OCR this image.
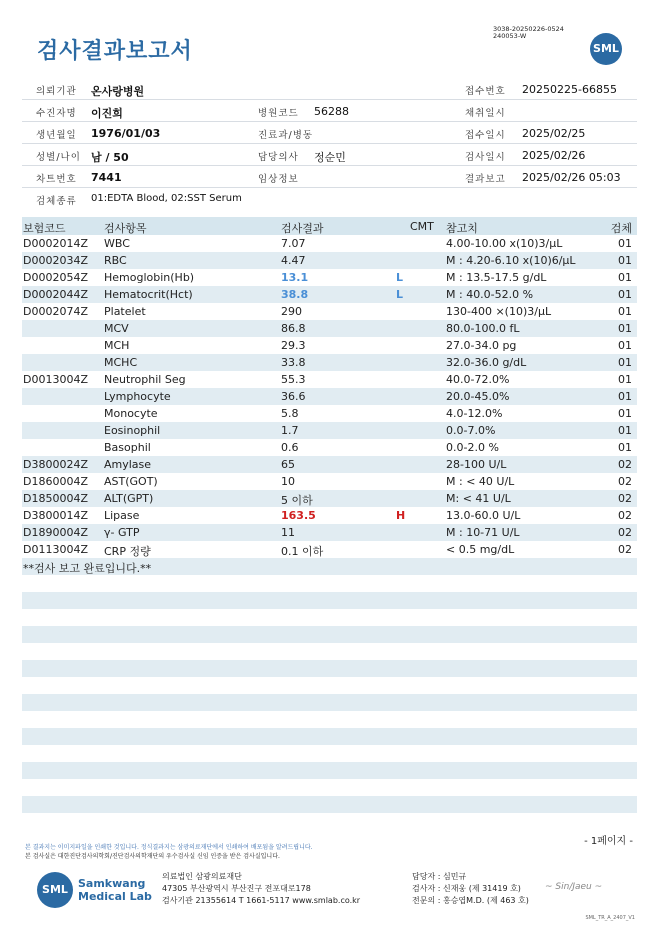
검사결과보고서
3038-20250226-0524
240053-W
SML
의뢰기관 온사랑병원	접수번호 20250225-66855
수진자명 이진희	병원코드 56288	채취일시
생년월일 1976/01/03	진료과/병동	접수일시 2025/02/25
성별/나이 남 / 50	담당의사 정순민	검사일시 2025/02/26
차트번호 7441	임상정보	결과보고 2025/02/26 05:03
검체종류 01:EDTA Blood, 02:SST Serum
보험코드	검사항목	검사결과	CMT 참고치	검체
D0002014Z WBC	7.07	4.00-10.00 x(10)3/μL	01
D0002034Z RBC	4.47	M : 4.20-6.10 x(10)6/μL	01
D0002054Z Hemoglobin(Hb)	13.1	L	M : 13.5-17.5 g/dL	01
D0002044Z Hematocrit(Hct)	38.8	L	M : 40.0-52.0 %	01
D0002074Z Platelet	290	130-400 ×(10)3/μL	01
MCV	86.8	80.0-100.0 fL	01
MCH	29.3	27.0-34.0 pg	01
MCHC	33.8	32.0-36.0 g/dL	01
D0013004Z Neutrophil Seg	55.3	40.0-72.0%	01
Lymphocyte	36.6	20.0-45.0%	01
Monocyte	5.8	4.0-12.0%	01
Eosinophil	1.7	0.0-7.0%	01
Basophil	0.6	0.0-2.0 %	01
D3800024Z Amylase	65	28-100 U/L	02
D1860004Z AST(GOT)	10	M : < 40 U/L	02
D1850004Z ALT(GPT)	5 이하	M: < 41 U/L	02
D3800014Z Lipase	163.5	H	13.0-60.0 U/L	02
D1890004Z γ- GTP	11	M : 10-71 U/L	02
D0113004Z CRP 정량	0.1 이하	< 0.5 mg/dL	02
**검사 보고 완료입니다.**
- 1페이지 -
본 결과지는 이미지파일을 인쇄한 것입니다. 정식결과지는 삼광의료재단에서 인쇄하여 배포됨을 알려드립니다.
본 검사실은 대한진단검사의학회/진단검사의학재단의 우수검사실 신임 인증을 받은 검사실입니다.
SML Samkwang
Medical Lab
의료법인 삼광의료재단
47305 부산광역시 부산진구 전포대로178
검사기관 21355614 T 1661-5117 www.smlab.co.kr
담당자 : 심민규
검사자 : 신재웅 (제 31419 호)
전문의 : 홍승엽M.D. (제 463 호)
~ Sin/Jaeu ~
SML_TR_A_2407_V1
